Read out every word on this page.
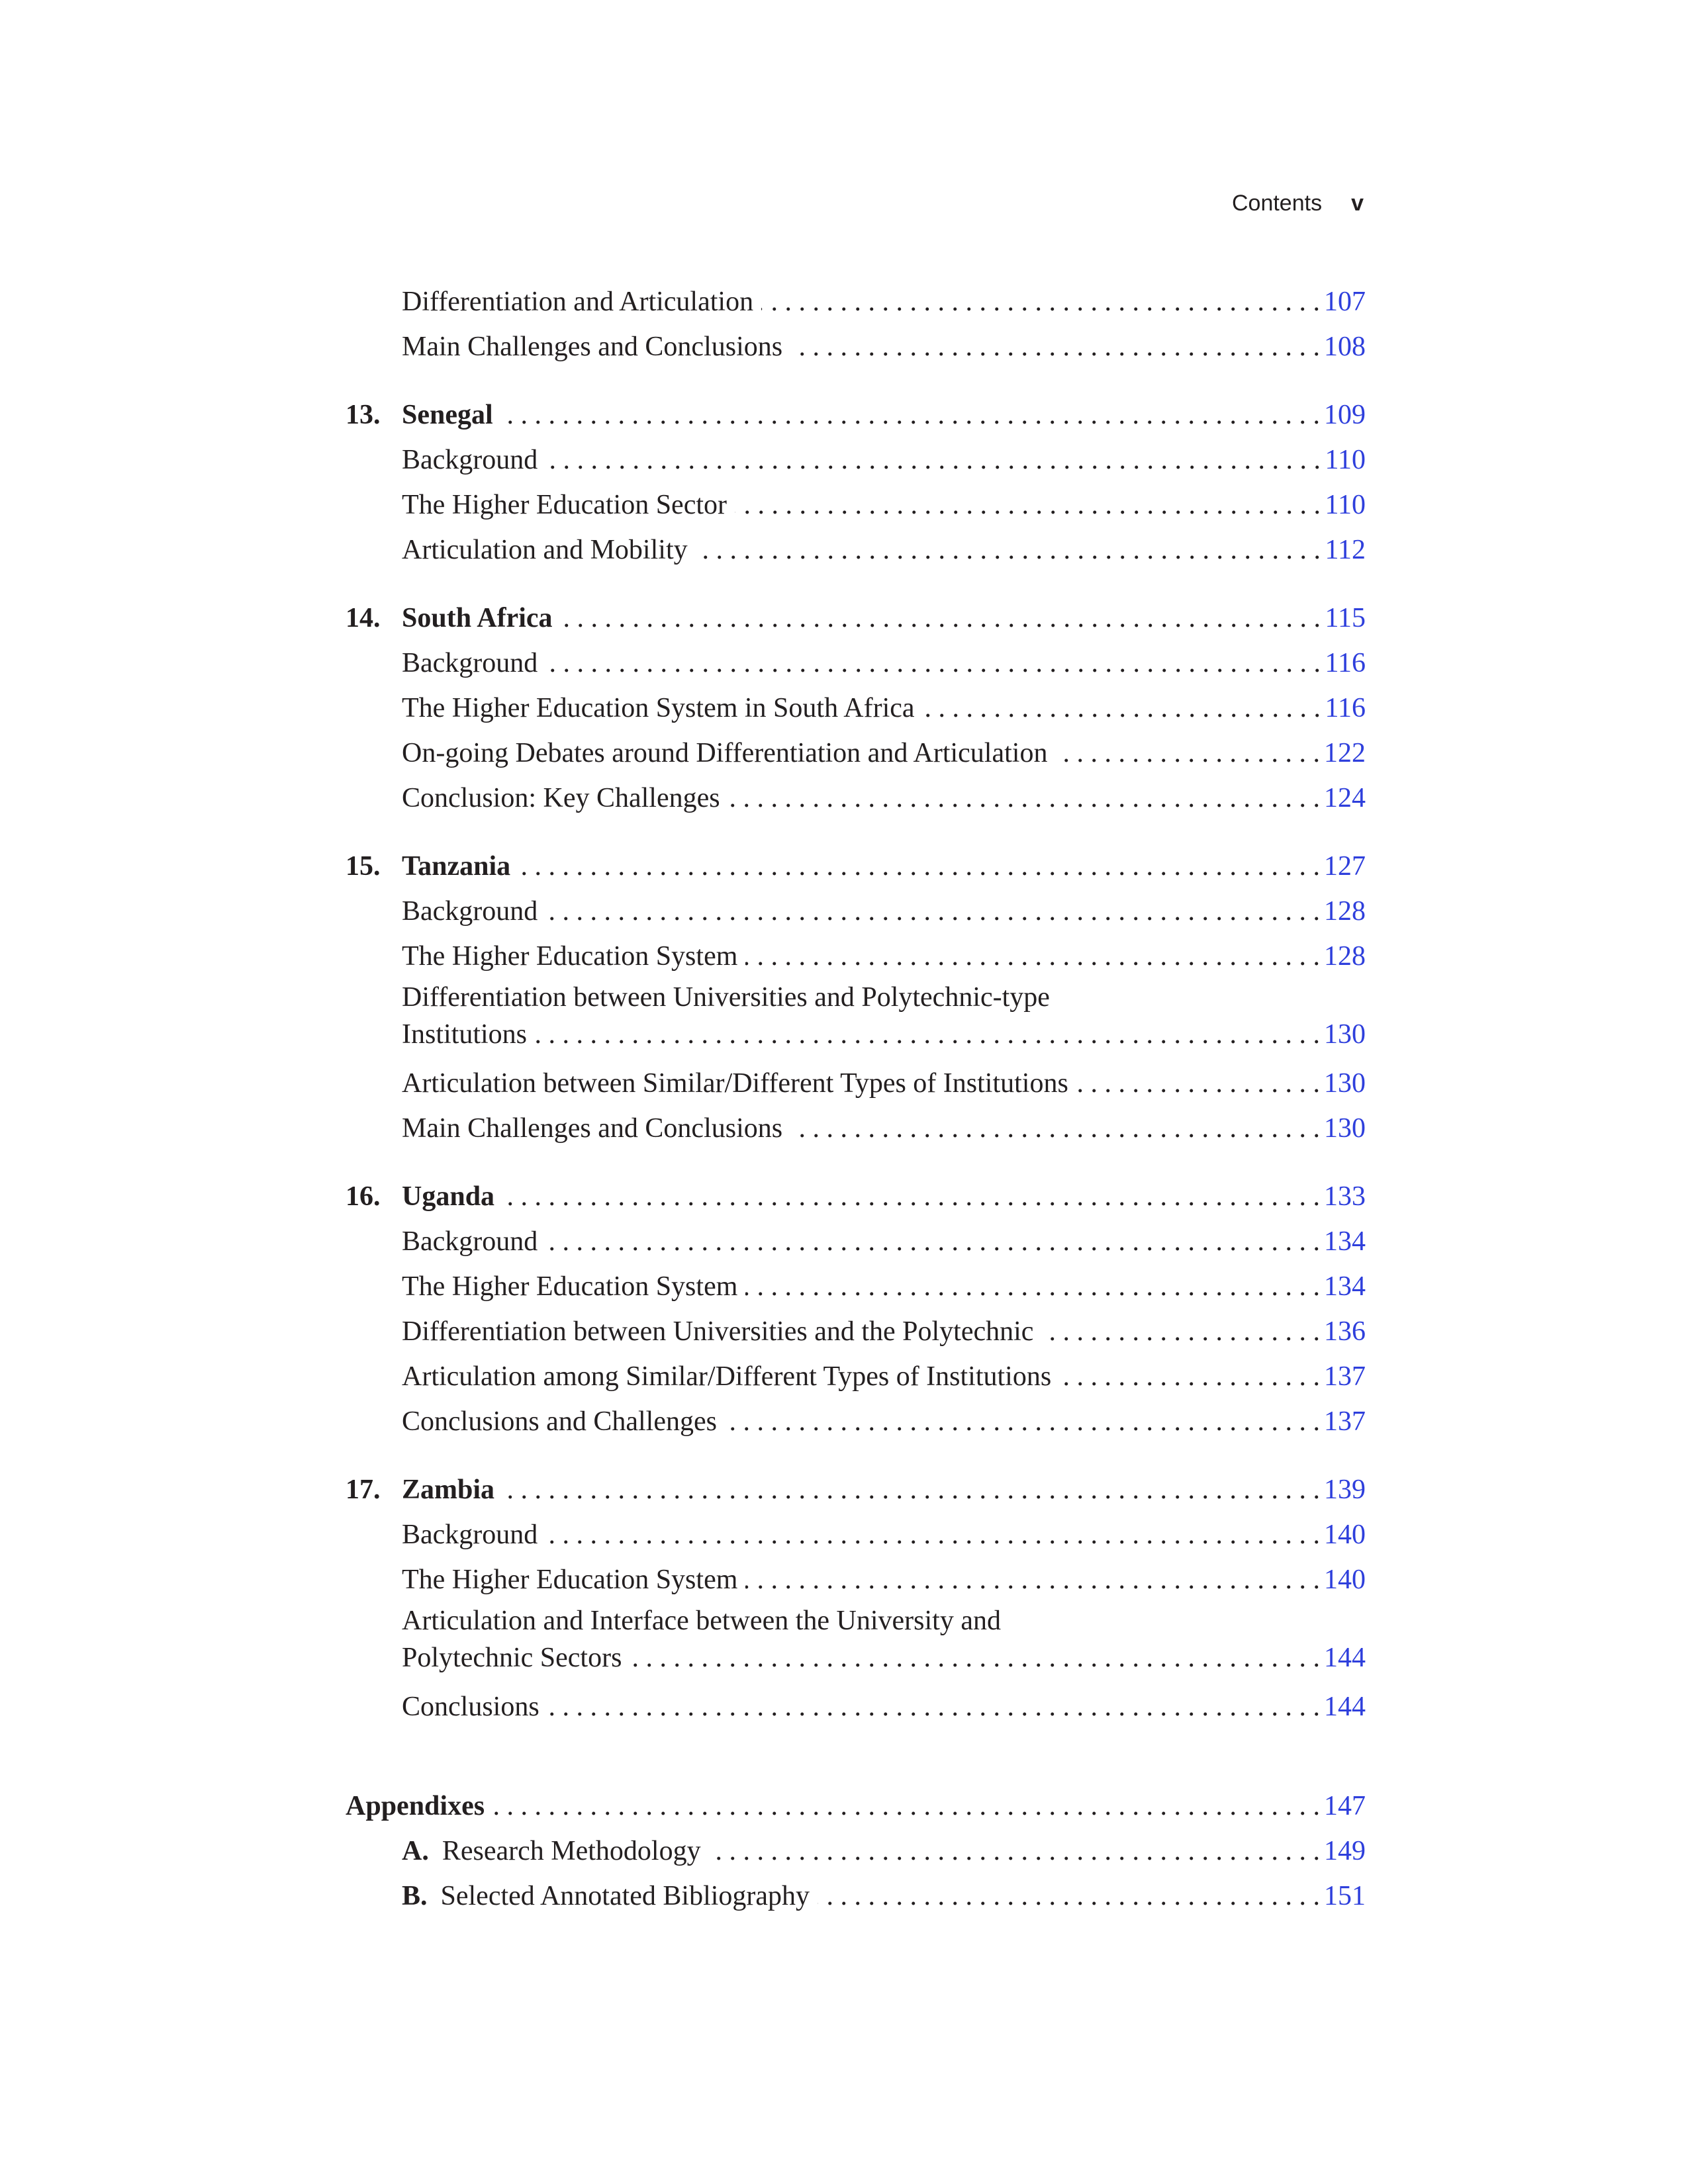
Contents v
Differentiation and Articulation . . .	107
Main Challenges and Conclusions . . .	108
13. Senegal . . .	109
Background . . .	110
The Higher Education Sector . . .	110
Articulation and Mobility . . .	112
14. South Africa . . .	115
Background . . .	116
The Higher Education System in South Africa . . .	116
On-going Debates around Differentiation and Articulation . . .	122
Conclusion: Key Challenges . . .	124
15. Tanzania . . .	127
Background . . .	128
The Higher Education System . . .	128
Differentiation between Universities and Polytechnic-type
Institutions . . .	130
Articulation between Similar/Different Types of Institutions . . .	130
Main Challenges and Conclusions . . .	130
16. Uganda . . .	133
Background . . .	134
The Higher Education System . . .	134
Differentiation between Universities and the Polytechnic . . .	136
Articulation among Similar/Different Types of Institutions . . .	137
Conclusions and Challenges . . .	137
17. Zambia . . .	139
Background . . .	140
The Higher Education System . . .	140
Articulation and Interface between the University and
Polytechnic Sectors . . .	144
Conclusions . . .	144
Appendixes . . .	147
A. Research Methodology . . .	149
B. Selected Annotated Bibliography . . .	151
